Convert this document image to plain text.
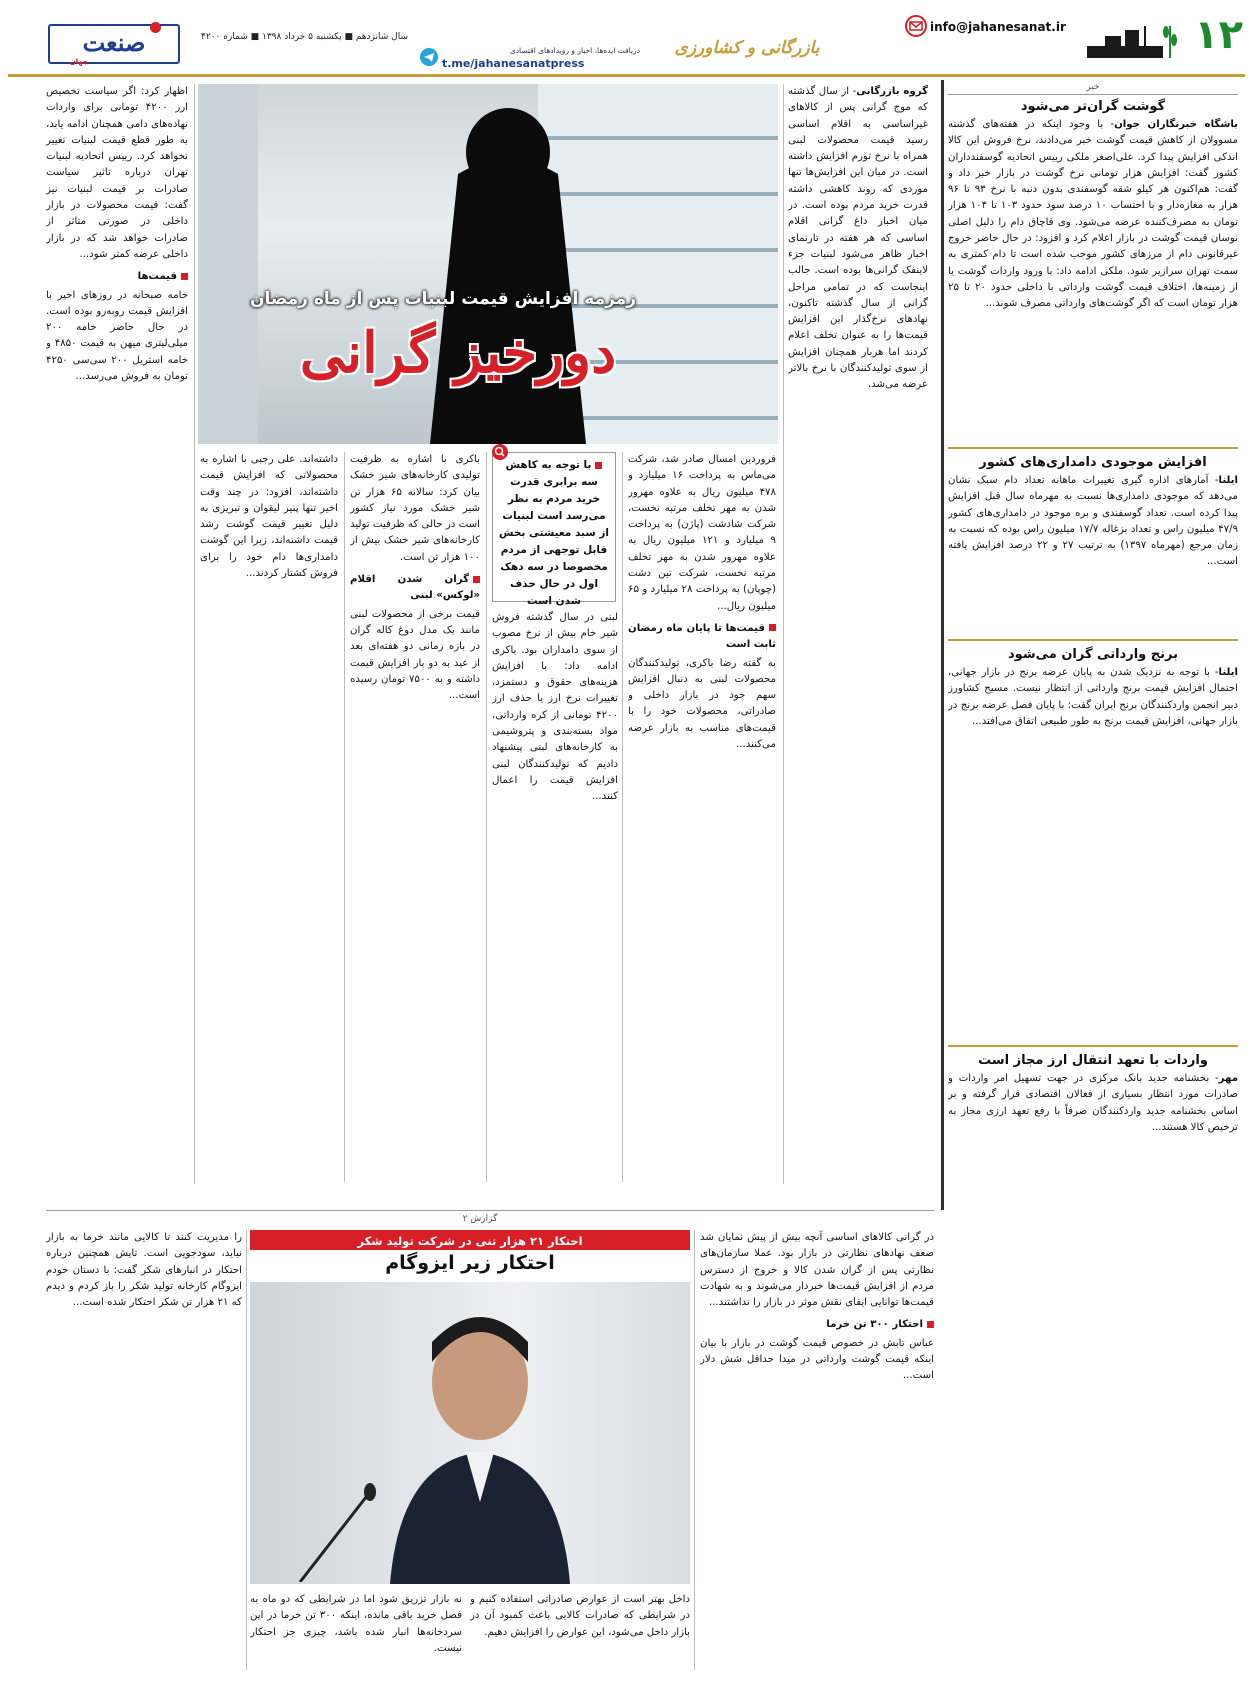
۱۲
info@jahanesanat.ir
بازرگانی و کشاورزی
دریافت ایده‌ها، اخبار و رویدادهای اقتصادی
t.me/jahanesanatpress
سال شانزدهم ■ یکشنبه ۵ خرداد ۱۳۹۸ ■ شماره ۴۲۰۰
صنعت
جهان
خبر
گوشت گران‌تر می‌شود
باشگاه خبرنگاران جوان- با وجود اینکه در هفته‌های گذشته مسوولان از کاهش قیمت گوشت خبر می‌دادند، نرخ فروش این کالا اندکی افزایش پیدا کرد. علی‌اصغر ملکی رییس اتحادیه گوسفندداران کشور گفت: افزایش هزار تومانی نرخ گوشت در بازار خبر داد و گفت: هم‌اکنون هر کیلو شقه گوسفندی بدون دنبه با نرخ ۹۳ تا ۹۶ هزار به مغازه‌دار و با احتساب ۱۰ درصد سود حدود ۱۰۳ تا ۱۰۴ هزار تومان به مصرف‌کننده عرضه می‌شود. وی قاچاق دام را دلیل اصلی نوسان قیمت گوشت در بازار اعلام کرد و افزود: در حال حاضر خروج غیرقانونی دام از مرزهای کشور موجب شده است تا دام کمتری به سمت تهران سرازیر شود. ملکی ادامه داد: با ورود واردات گوشت یا از زمینه‌ها، اختلاف قیمت گوشت وارداتی با داخلی حدود ۲۰ تا ۲۵ هزار تومان است که اگر گوشت‌های وارداتی مصرف شوند...
افزایش موجودی دامداری‌های کشور
ایلنا- آمارهای اداره گیری تغییرات ماهانه تعداد دام سبک نشان می‌دهد که موجودی دامداری‌ها نسبت به مهرماه سال قبل افزایش پیدا کرده است. تعداد گوسفندی و بره موجود در دامداری‌های کشور ۴۷/۹ میلیون راس و تعداد بزغاله ۱۷/۷ میلیون راس بوده که نسبت به زمان مرجع (مهرماه ۱۳۹۷) به ترتیب ۲۷ و ۲۲ درصد افزایش یافته است...
برنج وارداتی گران می‌شود
ایلنا- با توجه به نزدیک شدن به پایان عرضه برنج در بازار جهانی، احتمال افزایش قیمت برنج وارداتی از انتظار نیست. مسیح کشاورز دبیر انجمن واردکنندگان برنج ایران گفت: با پایان فصل عرضه برنج در بازار جهانی، افزایش قیمت برنج به طور طبیعی اتفاق می‌افتد...
واردات با تعهد انتقال ارز مجاز است
مهر- بخشنامه جدید بانک مرکزی در جهت تسهیل امر واردات و صادرات مورد انتظار بسیاری از فعالان اقتصادی قرار گرفته و بر اساس بخشنامه جدید واردکنندگان صرفاً با رفع تعهد ارزی مجاز به ترخیص کالا هستند...
زمزمه افزایش قیمت لبنیات پس از ماه رمضان
دورخیز گرانی
گروه بازرگانی- از سال گذشته که موج گرانی پس از کالاهای غیراساسی به اقلام اساسی رسید قیمت محصولات لبنی همراه با نرخ تورم افزایش داشته است. در میان این افزایش‌ها تنها موردی که روند کاهشی داشته قدرت خرید مردم بوده است. در میان اخبار داغ گرانی اقلام اساسی که هر هفته در تارنمای اخبار ظاهر می‌شود لبنیات جزء لاینفک گرانی‌ها بوده است. جالب اینجاست که در تمامی مراحل گرانی از سال گذشته تاکنون، نهادهای نرخ‌گذار این افزایش قیمت‌ها را به عنوان تخلف اعلام کردند اما هربار همچنان افزایش از سوی تولیدکنندگان با نرخ بالاتر عرضه می‌شد.
فروردین امسال صادر شد، شرکت می‌ماس به پرداخت ۱۶ میلیارد و ۴۷۸ میلیون ریال به علاوه مهرور شدن به مهر تخلف مرتبه نخست، شرکت شادشت (پاژن) به پرداخت ۹ میلیارد و ۱۲۱ میلیون ریال به علاوه مهرور شدن به مهر تخلف مرتبه نخست، شرکت تین دشت (چوپان) به پرداخت ۲۸ میلیارد و ۶۵ میلیون ریال...
قیمت‌ها تا پایان ماه رمضان ثابت است
به گفته رضا باکری، تولیدکنندگان محصولات لبنی به دنبال افزایش سهم خود در بازار داخلی و صادراتی، محصولات خود را با قیمت‌های مناسب به بازار عرضه می‌کنند...
با توجه به کاهش سه برابری قدرت خرید مردم به نظر می‌رسد است لبنیات از سبد معیشتی بخش قابل توجهی از مردم مخصوصا در سه دهک اول در حال حذف شدن است
لبنی در سال گذشته فروش شیر خام بیش از نرخ مصوب از سوی دامداران بود. باکری ادامه داد: با افزایش هزینه‌های حقوق و دستمزد، تغییرات نرخ ارز یا حذف ارز ۴۲۰۰ تومانی از کره وارداتی، مواد بسته‌بندی و پتروشیمی به کارخانه‌های لبنی پیشنهاد دادیم که تولیدکنندگان لبنی افزایش قیمت را اعمال کنند...
باکری با اشاره به ظرفیت تولیدی کارخانه‌های شیر خشک بیان کرد: سالانه ۶۵ هزار تن شیر خشک مورد نیاز کشور است در حالی که ظرفیت تولید کارخانه‌های شیر خشک بیش از ۱۰۰ هزار تن است.
گران شدن اقلام «لوکس» لبنی
قیمت برخی از محصولات لبنی مانند یک مدل دوغ کاله گران در بازه زمانی دو هفته‌ای بعد از عید به دو بار افزایش قیمت داشته و به ۷۵۰۰ تومان رسیده است...
داشته‌اند. علی رجبی با اشاره به محصولاتی که افزایش قیمت داشته‌اند، افزود: در چند وقت اخیر تنها پنیر لیقوان و تبریزی به دلیل تغییر قیمت گوشت رشد قیمت داشته‌اند، زیرا این گوشت دامداری‌ها دام خود را برای فروش کشتار کردند...
اظهار کرد: اگر سیاست تخصیص ارز ۴۲۰۰ تومانی برای واردات نهاده‌های دامی همچنان ادامه یابد، به طور قطع قیمت لبنیات تغییر نخواهد کرد. رییس اتحادیه لبنیات تهران درباره تاثیر سیاست صادرات بر قیمت لبنیات نیز گفت: قیمت محصولات در بازار داخلی در صورتی متاثر از صادرات خواهد شد که در بازار داخلی عرضه کمتر شود...
قیمت‌ها
خامه صبحانه در روزهای اخیر با افزایش قیمت روبه‌رو بوده است. در حال حاضر خامه ۲۰۰ میلی‌لیتری میهن به قیمت ۴۸۵۰ و خامه استریل ۲۰۰ سی‌سی ۴۲۵۰ تومان به فروش می‌رسد...
گزارش ۲
احتکار ۲۱ هزار تنی در شرکت تولید شکر
احتکار زیر ایزوگام
در گرانی کالاهای اساسی آنچه بیش از پیش نمایان شد ضعف نهادهای نظارتی در بازار بود. عملا سازمان‌های نظارتی پس از گران شدن کالا و خروج از دسترس مردم از افزایش قیمت‌ها خبردار می‌شوند و به شهادت قیمت‌ها توانایی ایفای نقش موثر در بازار را نداشتند...
احتکار ۳۰۰ تن خرما
عباس تابش در خصوص قیمت گوشت در بازار با بیان اینکه قیمت گوشت وارداتی در میدا حداقل شش دلار است...
را مدیریت کنند تا کالایی مانند خرما به بازار نیاید، سودجویی است. تایش همچنین درباره احتکار در انبارهای شکر گفت: با دستان خودم ایزوگام کارخانه تولید شکر را باز کردم و دیدم که ۲۱ هزار تن شکر احتکار شده است...
داخل بهتر است از عوارض صادراتی استفاده کنیم و در شرایطی که صادرات کالایی باعث کمبود آن در بازار داخل می‌شود، این عوارض را افزایش دهیم.
نه بازار تزریق شود اما در شرایطی که دو ماه به فصل خرید باقی مانده، اینکه ۳۰۰ تن خرما در این سردخانه‌ها انبار شده باشد، چیزی جز احتکار نیست.
